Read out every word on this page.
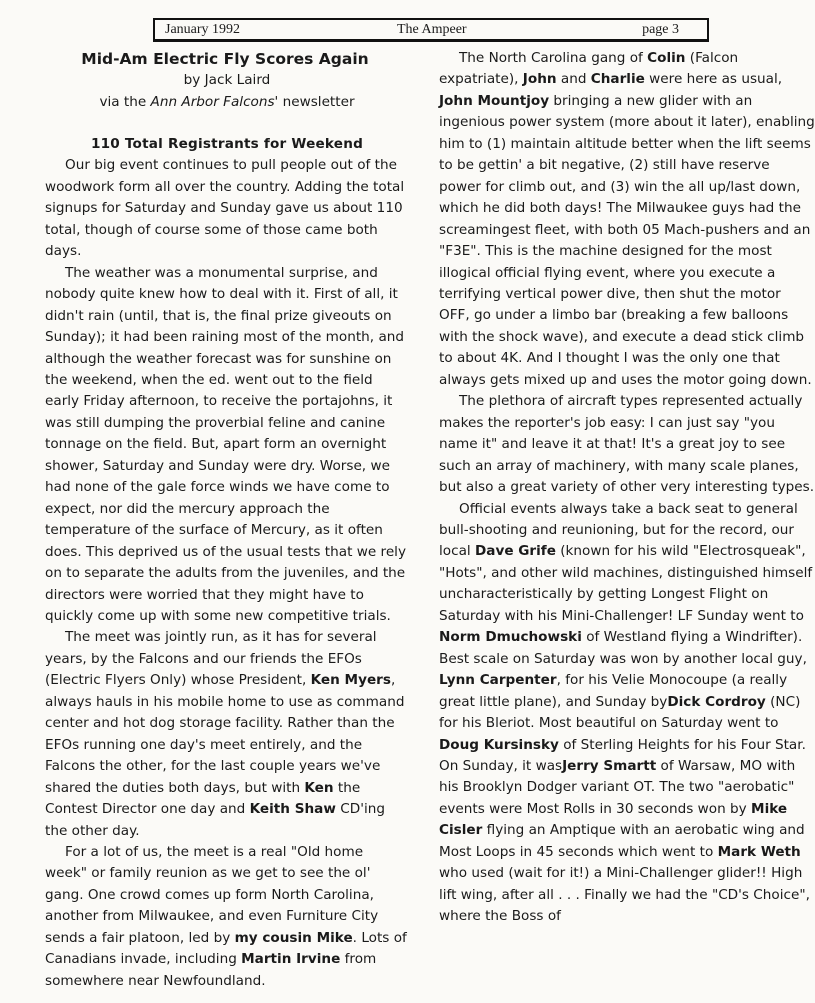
January 1992	The Ampeer	page 3
Mid-Am Electric Fly Scores Again
by Jack Laird
via the Ann Arbor Falcons' newsletter
110 Total Registrants for Weekend

Our big event continues to pull people out of the woodwork form all over the country. Adding the total signups for Saturday and Sunday gave us about 110 total, though of course some of those came both days.

The weather was a monumental surprise, and nobody quite knew how to deal with it. First of all, it didn't rain (until, that is, the final prize giveouts on Sunday); it had been raining most of the month, and although the weather forecast was for sunshine on the weekend, when the ed. went out to the field early Friday afternoon, to receive the portajohns, it was still dumping the proverbial feline and canine tonnage on the field. But, apart form an overnight shower, Saturday and Sunday were dry. Worse, we had none of the gale force winds we have come to expect, nor did the mercury approach the temperature of the surface of Mercury, as it often does. This deprived us of the usual tests that we rely on to separate the adults from the juveniles, and the directors were worried that they might have to quickly come up with some new competitive trials.

The meet was jointly run, as it has for several years, by the Falcons and our friends the EFOs (Electric Flyers Only) whose President, Ken Myers, always hauls in his mobile home to use as command center and hot dog storage facility. Rather than the EFOs running one day's meet entirely, and the Falcons the other, for the last couple years we've shared the duties both days, but with Ken the Contest Director one day and Keith Shaw CD'ing the other day.

For a lot of us, the meet is a real "Old home week" or family reunion as we get to see the ol' gang. One crowd comes up form North Carolina, another from Milwaukee, and even Furniture City sends a fair platoon, led by my cousin Mike. Lots of Canadians invade, including Martin Irvine from somewhere near Newfoundland.

The North Carolina gang of Colin (Falcon expatriate), John and Charlie were here as usual, John Mountjoy bringing a new glider with an ingenious power system (more about it later), enabling him to (1) maintain altitude better when the lift seems to be gettin' a bit negative, (2) still have reserve power for climb out, and (3) win the all up/last down, which he did both days! The Milwaukee guys had the screamingest fleet, with both 05 Mach-pushers and an "F3E". This is the machine designed for the most illogical official flying event, where you execute a terrifying vertical power dive, then shut the motor OFF, go under a limbo bar (breaking a few balloons with the shock wave), and execute a dead stick climb to about 4K. And I thought I was the only one that always gets mixed up and uses the motor going down.

The plethora of aircraft types represented actually makes the reporter's job easy: I can just say "you name it" and leave it at that! It's a great joy to see such an array of machinery, with many scale planes, but also a great variety of other very interesting types.

Official events always take a back seat to general bull-shooting and reunioning, but for the record, our local Dave Grife (known for his wild "Electrosqueak", "Hots", and other wild machines, distinguished himself uncharacteristically by getting Longest Flight on Saturday with his Mini-Challenger! LF Sunday went to Norm Dmuchowski of Westland flying a Windrifter). Best scale on Saturday was won by another local guy, Lynn Carpenter, for his Velie Monocoupe (a really great little plane), and Sunday byDick Cordroy (NC) for his Bleriot. Most beautiful on Saturday went to Doug Kursinsky of Sterling Heights for his Four Star. On Sunday, it wasJerry Smartt of Warsaw, MO with his Brooklyn Dodger variant OT. The two "aerobatic" events were Most Rolls in 30 seconds won by Mike Cisler flying an Amptique with an aerobatic wing and Most Loops in 45 seconds which went to Mark Weth who used (wait for it!) a Mini-Challenger glider!! High lift wing, after all . . . Finally we had the "CD's Choice", where the Boss of
